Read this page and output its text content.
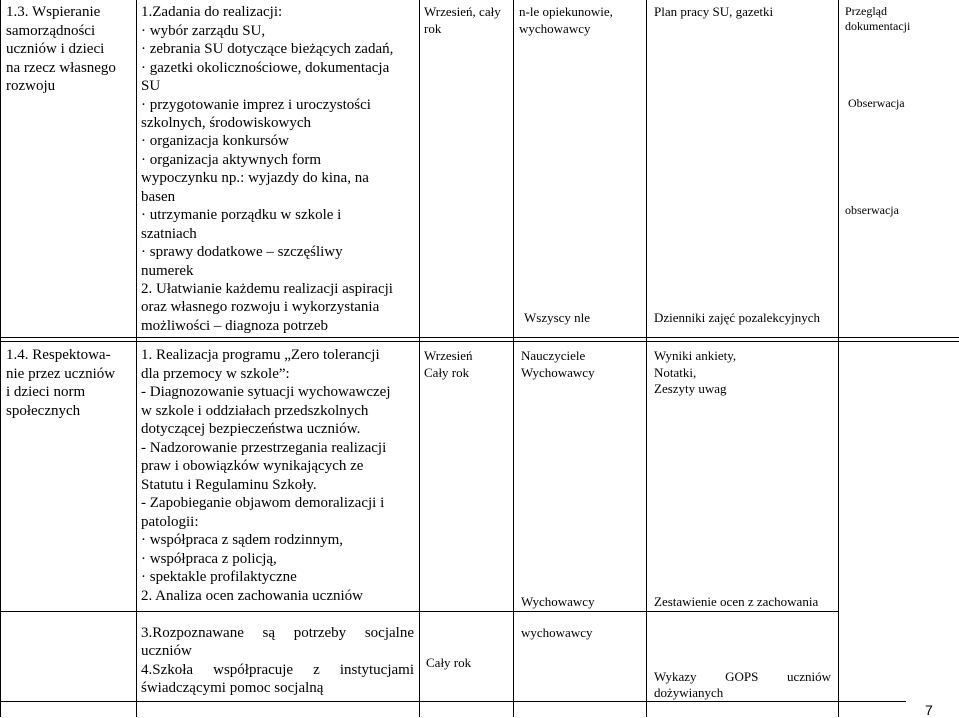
1.3. Wspieranie
samorządności
uczniów i dzieci
na rzecz własnego
rozwoju
1.Zadania do realizacji:
· wybór zarządu SU,
· zebrania SU dotyczące bieżących zadań,
· gazetki okolicznościowe, dokumentacja
SU
· przygotowanie imprez i uroczystości
szkolnych, środowiskowych
· organizacja konkursów
· organizacja aktywnych form
wypoczynku np.: wyjazdy do kina, na
basen
· utrzymanie porządku w szkole i
szatniach
· sprawy dodatkowe – szczęśliwy
numerek
2. Ułatwianie każdemu realizacji aspiracji
oraz własnego rozwoju i wykorzystania
możliwości – diagnoza potrzeb
Wrzesień, cały
rok
n-le opiekunowie,
wychowawcy
Wszyscy nle
Plan pracy SU, gazetki
Dzienniki zajęć pozalekcyjnych
Przegląd
dokumentacji
Obserwacja
obserwacja
1.4. Respektowa-
nie przez uczniów
i dzieci norm
społecznych
1. Realizacja programu „Zero tolerancji
dla przemocy w szkole”:
- Diagnozowanie sytuacji wychowawczej
w szkole i oddziałach przedszkolnych
dotyczącej bezpieczeństwa uczniów.
- Nadzorowanie przestrzegania realizacji
praw i obowiązków wynikających ze
Statutu i Regulaminu Szkoły.
- Zapobieganie objawom demoralizacji i
patologii:
· współpraca z sądem rodzinnym,
· współpraca z policją,
· spektakle profilaktyczne
2. Analiza ocen zachowania uczniów
3.Rozpoznawane są potrzeby socjalne
uczniów
4.Szkoła współpracuje z instytucjami
świadczącymi pomoc socjalną
Wrzesień
Cały rok
Cały rok
Nauczyciele
Wychowawcy
Wychowawcy
wychowawcy
Wyniki ankiety,
Notatki,
Zeszyty uwag
Zestawienie ocen z zachowania
Wykazy GOPS uczniów
dożywianych
7
